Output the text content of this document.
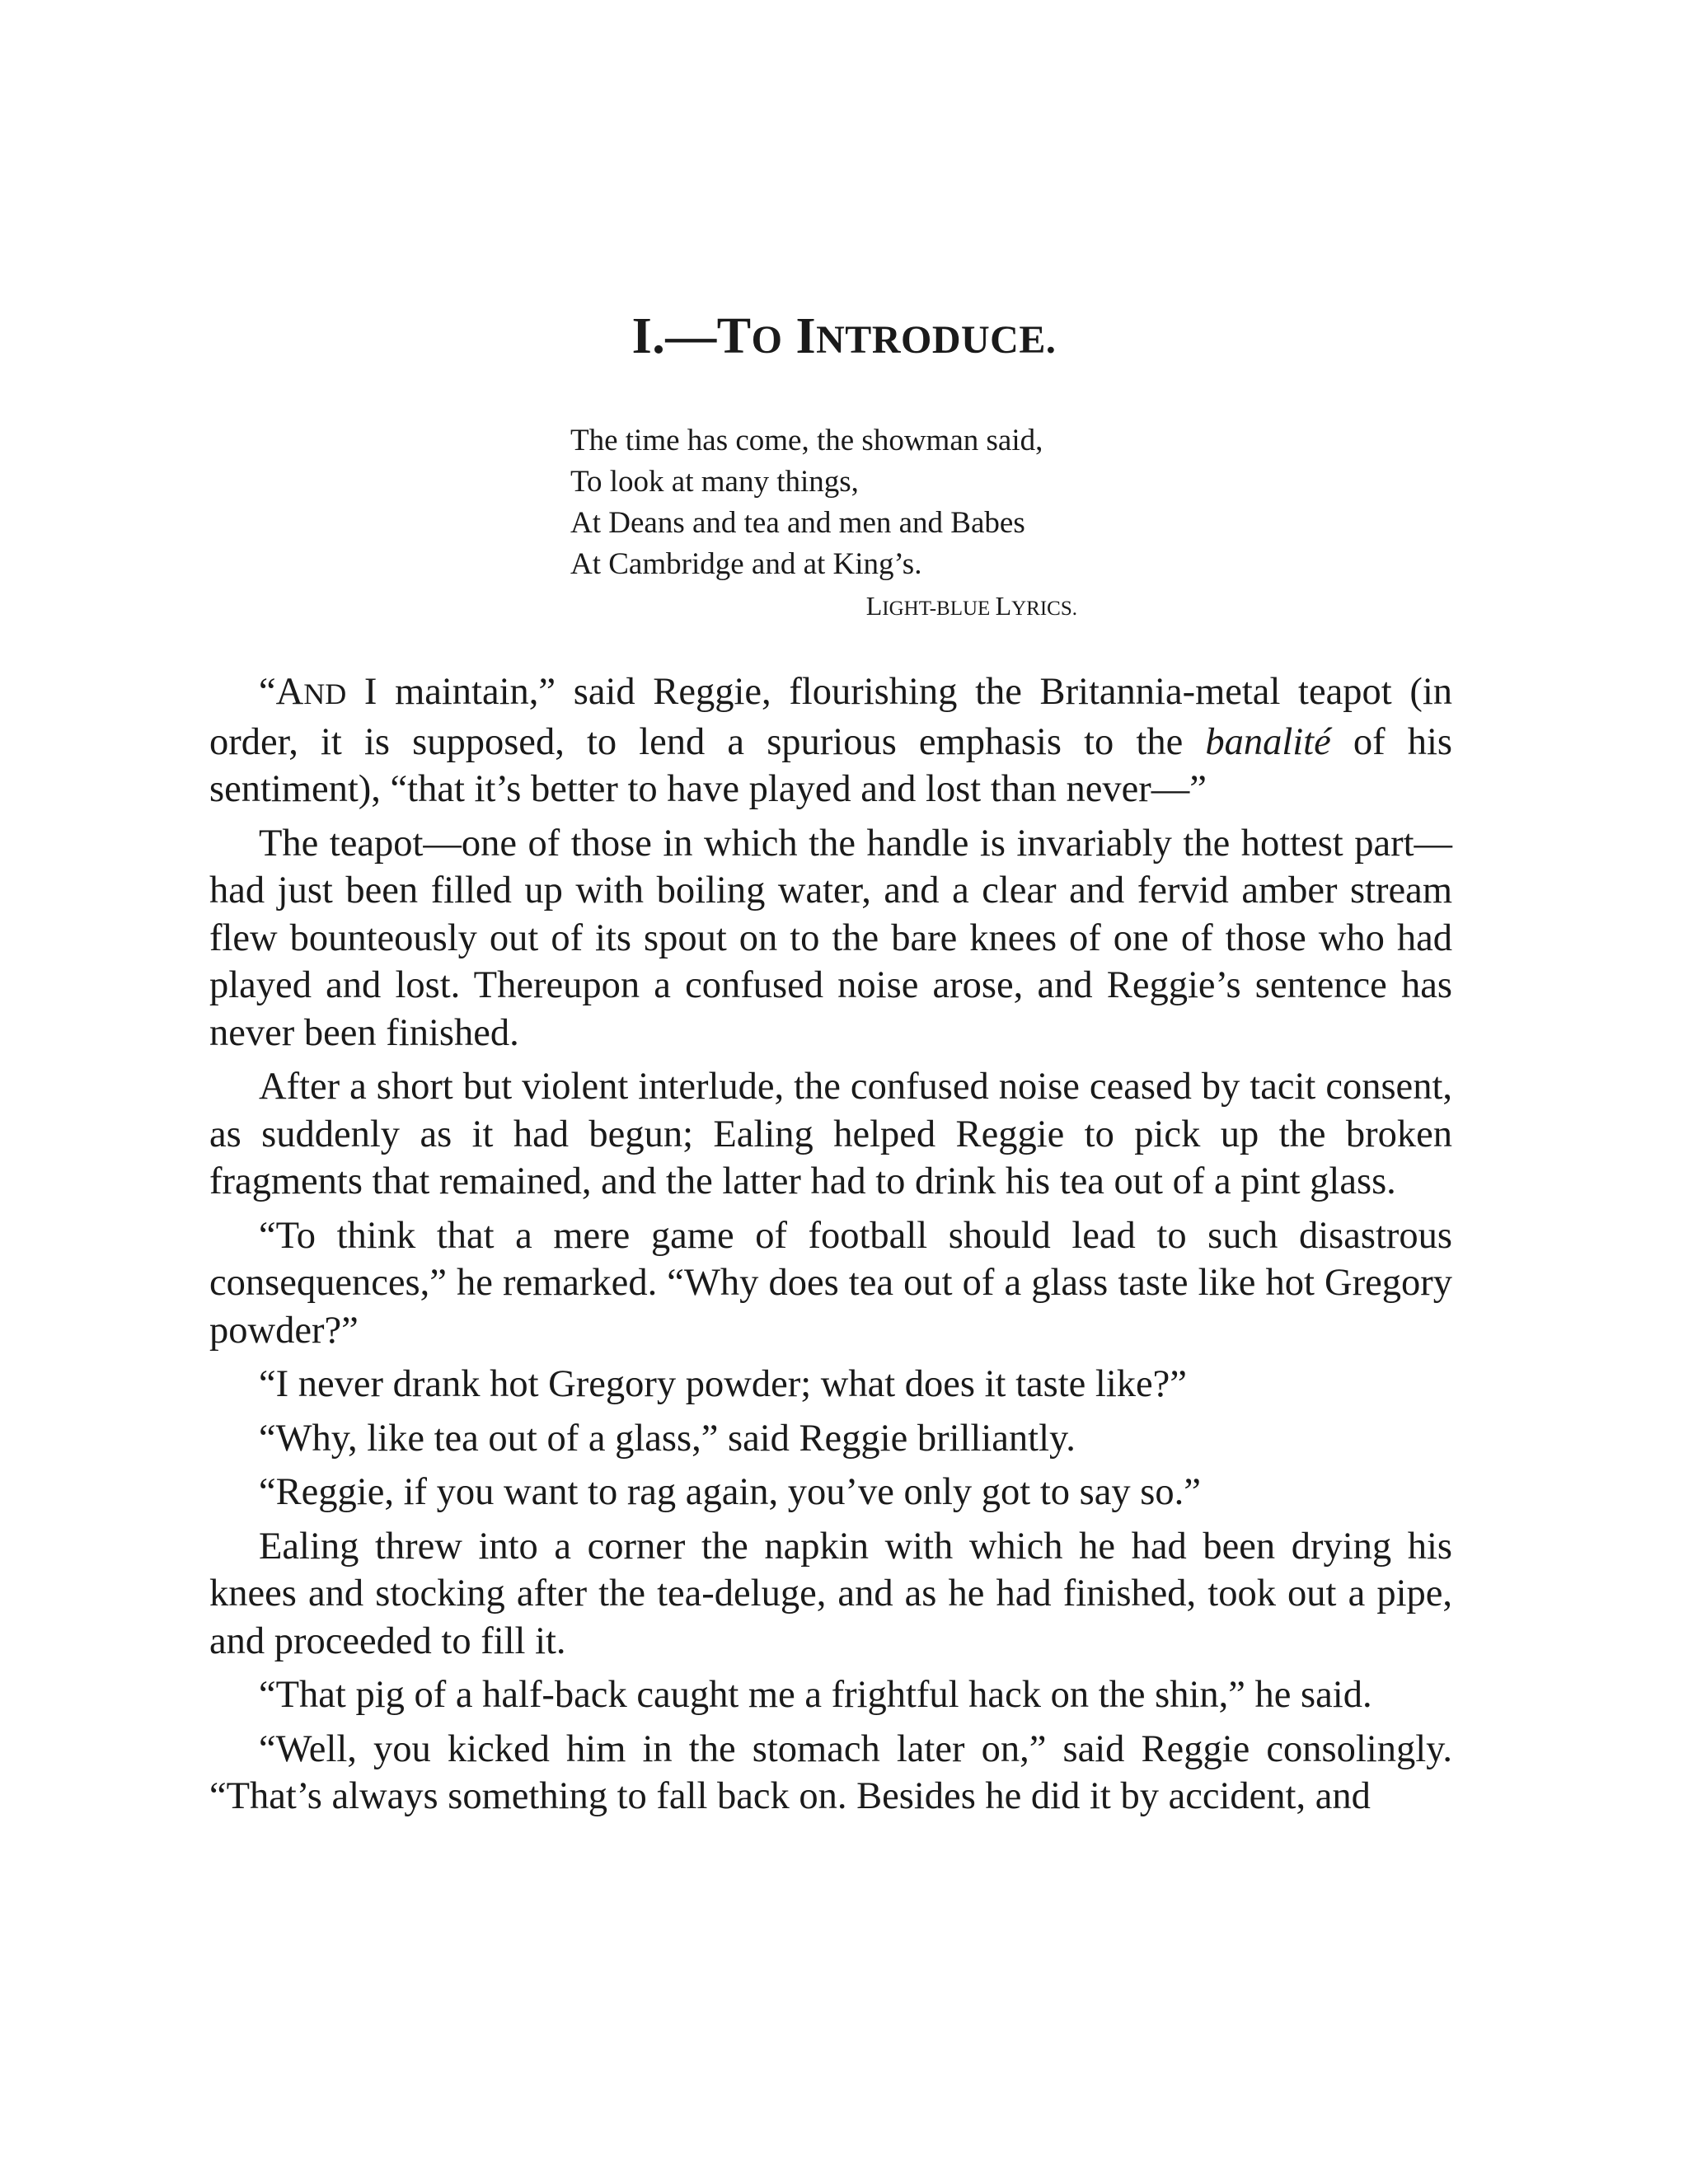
I.—TO INTRODUCE.
The time has come, the showman said,
To look at many things,
At Deans and tea and men and Babes
At Cambridge and at King’s.
LIGHT-BLUE LYRICS.

“AND I maintain,” said Reggie, flourishing the Britannia-metal teapot (in order, it is supposed, to lend a spurious emphasis to the banalité of his sentiment), “that it’s better to have played and lost than never—”

The teapot—one of those in which the handle is invariably the hottest part—had just been filled up with boiling water, and a clear and fervid amber stream flew bounteously out of its spout on to the bare knees of one of those who had played and lost. Thereupon a confused noise arose, and Reggie’s sentence has never been finished.

After a short but violent interlude, the confused noise ceased by tacit consent, as suddenly as it had begun; Ealing helped Reggie to pick up the broken fragments that remained, and the latter had to drink his tea out of a pint glass.

“To think that a mere game of football should lead to such disastrous consequences,” he remarked. “Why does tea out of a glass taste like hot Gregory powder?”

“I never drank hot Gregory powder; what does it taste like?”

“Why, like tea out of a glass,” said Reggie brilliantly.

“Reggie, if you want to rag again, you’ve only got to say so.”

Ealing threw into a corner the napkin with which he had been drying his knees and stocking after the tea-deluge, and as he had finished, took out a pipe, and proceeded to fill it.

“That pig of a half-back caught me a frightful hack on the shin,” he said.

“Well, you kicked him in the stomach later on,” said Reggie consolingly. “That’s always something to fall back on. Besides he did it by accident, and
